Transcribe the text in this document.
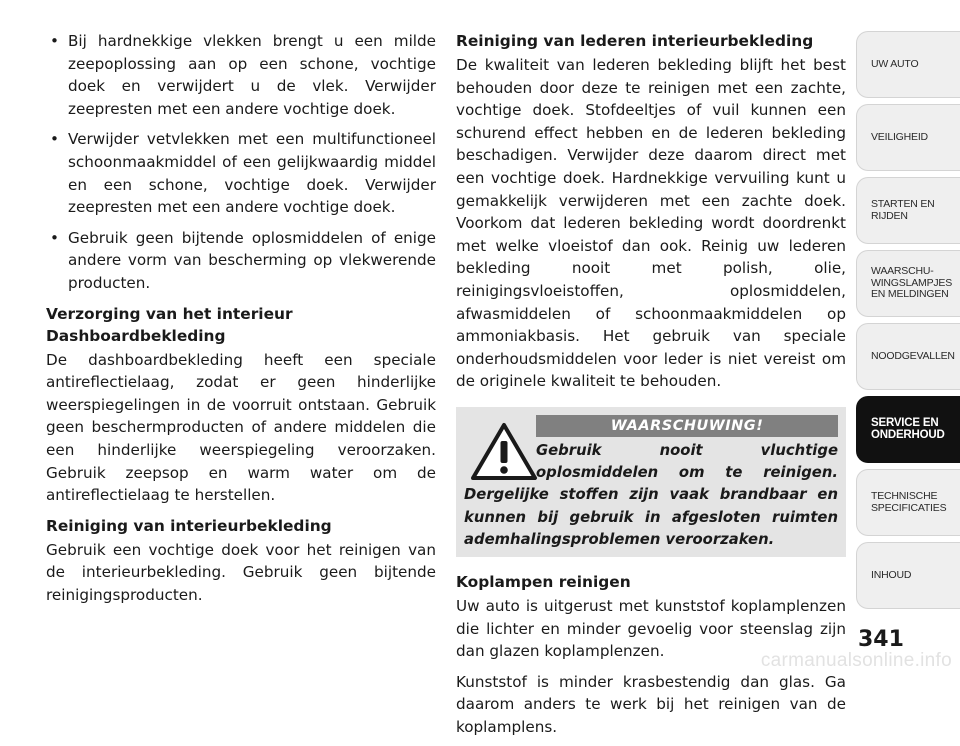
• Bij hardnekkige vlekken brengt u een milde zeepoplossing aan op een schone, vochtige doek en verwijdert u de vlek. Verwijder zeepresten met een andere vochtige doek.
• Verwijder vetvlekken met een multifunctioneel schoonmaakmiddel of een gelijkwaardig middel en een schone, vochtige doek. Verwijder zeepresten met een andere vochtige doek.
• Gebruik geen bijtende oplosmiddelen of enige andere vorm van bescherming op vlekwerende producten.
Verzorging van het interieur
Dashboardbekleding

De dashboardbekleding heeft een speciale antireflectielaag, zodat er geen hinderlijke weerspiegelingen in de voorruit ontstaan. Gebruik geen beschermproducten of andere middelen die een hinderlijke weerspiegeling veroorzaken. Gebruik zeepsop en warm water om de antireflectielaag te herstellen.

Reiniging van interieurbekleding

Gebruik een vochtige doek voor het reinigen van de interieurbekleding. Gebruik geen bijtende reinigingsproducten.

Reiniging van lederen interieurbekleding

De kwaliteit van lederen bekleding blijft het best behouden door deze te reinigen met een zachte, vochtige doek. Stofdeeltjes of vuil kunnen een schurend effect hebben en de lederen bekleding beschadigen. Verwijder deze daarom direct met een vochtige doek. Hardnekkige vervuiling kunt u gemakkelijk verwijderen met een zachte doek. Voorkom dat lederen bekleding wordt doordrenkt met welke vloeistof dan ook. Reinig uw lederen bekleding nooit met polish, olie, reinigingsvloeistoffen, oplosmiddelen, afwasmiddelen of schoonmaakmiddelen op ammoniakbasis. Het gebruik van speciale onderhoudsmiddelen voor leder is niet vereist om de originele kwaliteit te behouden.

WAARSCHUWING!
Gebruik nooit vluchtige oplosmiddelen om te reinigen. Dergelijke stoffen zijn vaak brandbaar en kunnen bij gebruik in afgesloten ruimten ademhalingsproblemen veroorzaken.
Koplampen reinigen

Uw auto is uitgerust met kunststof koplamplenzen die lichter en minder gevoelig voor steenslag zijn dan glazen koplamplenzen.

Kunststof is minder krasbestendig dan glas. Ga daarom anders te werk bij het reinigen van de koplamplens.

UW AUTO
VEILIGHEID
STARTEN EN
RIJDEN
WAARSCHU-
WINGSLAMPJES
EN MELDINGEN
NOODGEVALLEN
SERVICE EN
ONDERHOUD
TECHNISCHE
SPECIFICATIES
INHOUD
341
carmanualsonline.info
